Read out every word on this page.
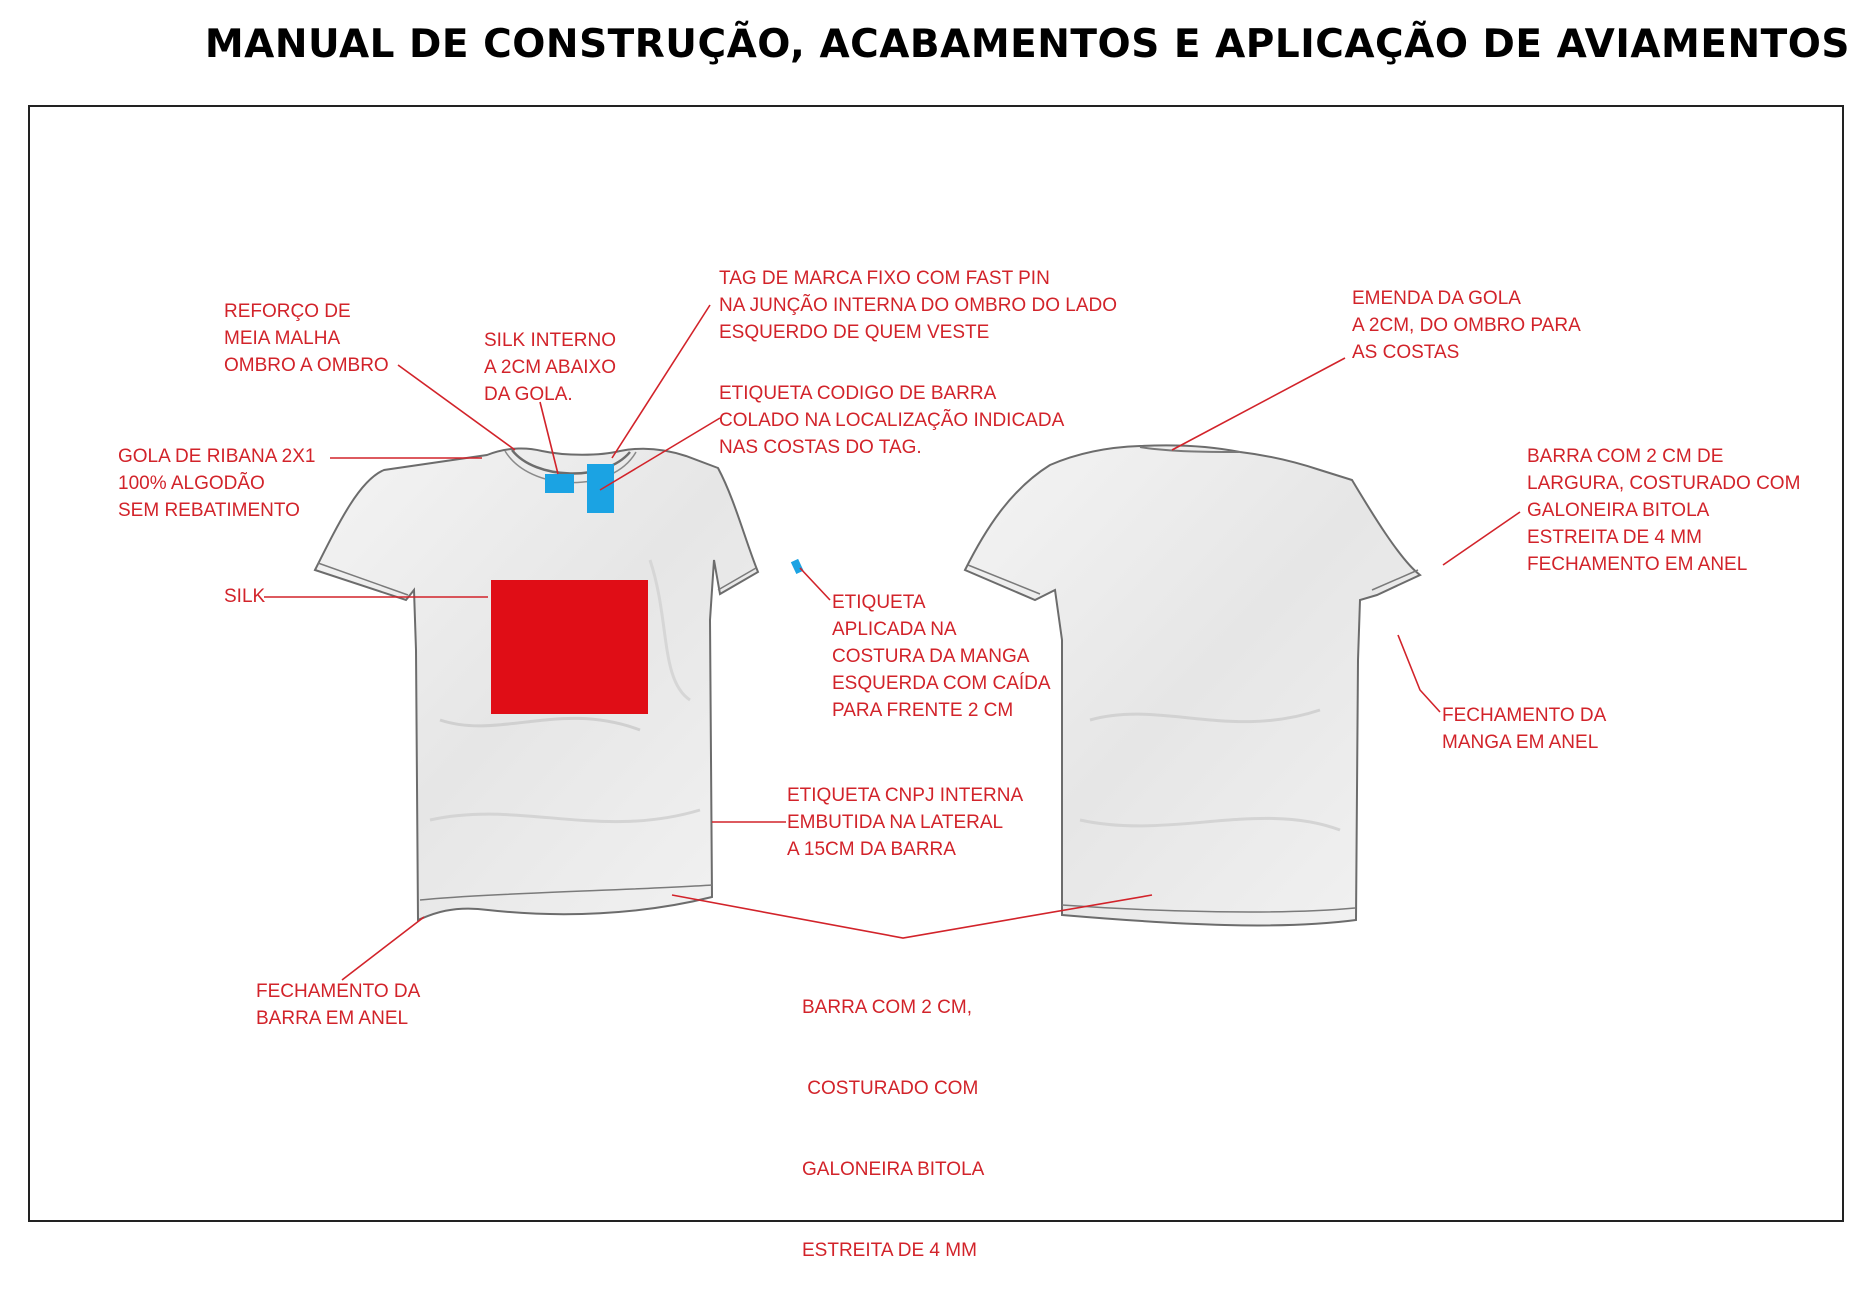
MANUAL DE CONSTRUÇÃO, ACABAMENTOS E APLICAÇÃO DE AVIAMENTOS
REFORÇO DE
MEIA MALHA
OMBRO A OMBRO
SILK INTERNO
A 2CM ABAIXO
DA GOLA.
TAG DE MARCA FIXO COM FAST PIN
NA JUNÇÃO INTERNA DO OMBRO DO LADO
ESQUERDO DE QUEM VESTE
ETIQUETA CODIGO DE BARRA
COLADO NA LOCALIZAÇÃO INDICADA
NAS COSTAS DO TAG.
GOLA DE RIBANA 2X1
100% ALGODÃO
SEM REBATIMENTO
SILK	ETIQUETA
APLICADA NA
COSTURA DA MANGA
ESQUERDA COM CAÍDA
PARA FRENTE 2 CM
ETIQUETA CNPJ INTERNA
EMBUTIDA NA LATERAL
A 15CM DA BARRA
FECHAMENTO DA
BARRA EM ANEL

BARRA COM 2 CM,

COSTURADO COM

GALONEIRA BITOLA

ESTREITA DE 4 MM

EMENDA DA GOLA
A 2CM, DO OMBRO PARA
AS COSTAS
BARRA COM 2 CM DE
LARGURA, COSTURADO COM
GALONEIRA BITOLA
ESTREITA DE 4 MM
FECHAMENTO EM ANEL
FECHAMENTO DA
MANGA EM ANEL
